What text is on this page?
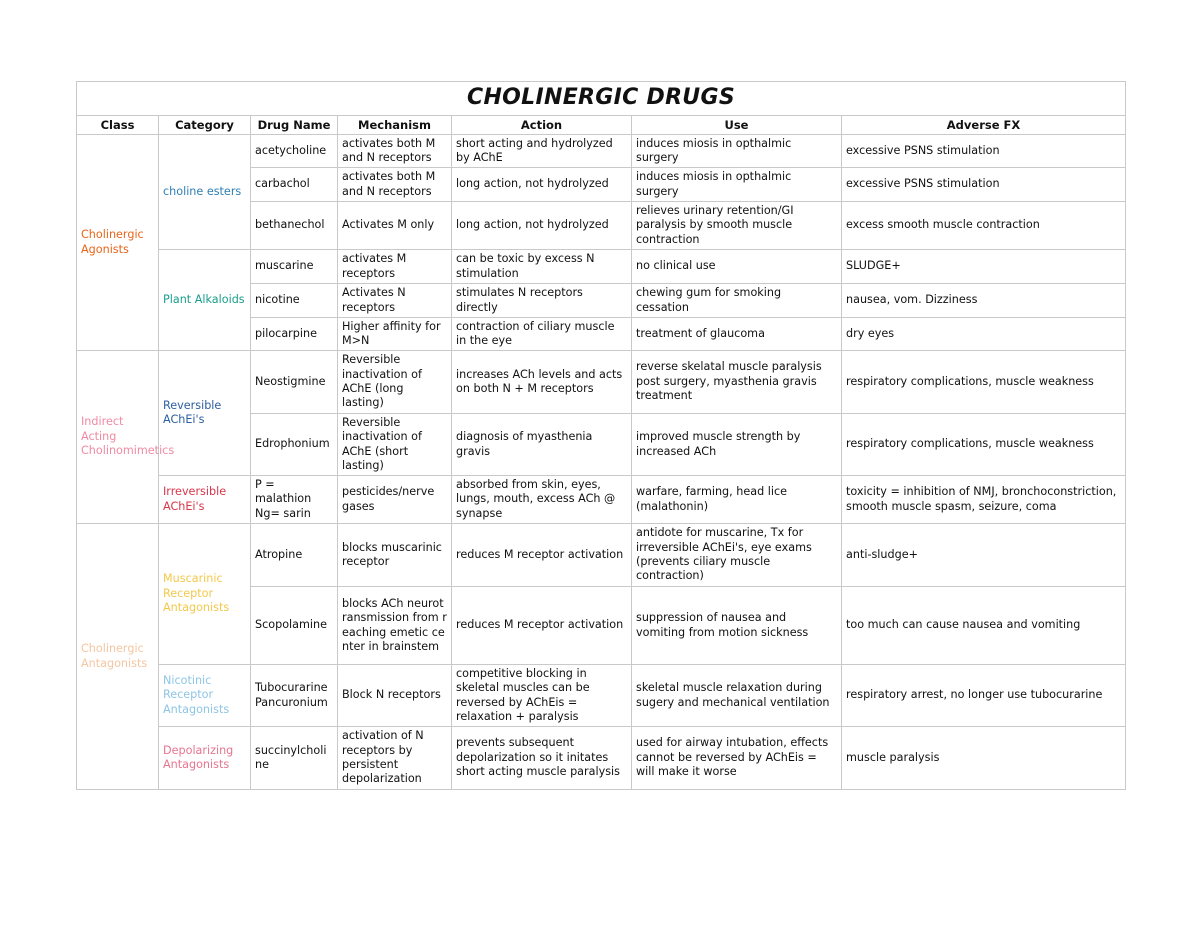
CHOLINERGIC DRUGS						
Class	Category	Drug Name	Mechanism	Action	Use	Adverse FX
Cholinergic Agonists	choline esters	acetycholine	activates both M and N receptors	short acting and hydrolyzed by AChE	induces miosis in opthalmic surgery	excessive PSNS stimulation
		carbachol	activates both M and N receptors	long action, not hydrolyzed	induces miosis in opthalmic surgery	excessive PSNS stimulation
		bethanechol	Activates M only	long action, not hydrolyzed	relieves urinary retention/GI paralysis by smooth muscle contraction	excess smooth muscle contraction
	Plant Alkaloids	muscarine	activates M receptors	can be toxic by excess N stimulation	no clinical use	SLUDGE+
		nicotine	Activates N receptors	stimulates N receptors directly	chewing gum for smoking cessation	nausea, vom. Dizziness
		pilocarpine	Higher affinity for M>N	contraction of ciliary muscle in the eye	treatment of glaucoma	dry eyes
Indirect Acting Cholinomimetics	Reversible AChEi's	Neostigmine	Reversible inactivation of AChE (long lasting)	increases ACh levels and acts on both N + M receptors	reverse skelatal muscle paralysis post surgery, myasthenia gravis treatment	respiratory complications, muscle weakness
		Edrophonium	Reversible inactivation of AChE (short lasting)	diagnosis of myasthenia gravis	improved muscle strength by increased ACh	respiratory complications, muscle weakness
	Irreversible AChEi's	P = malathion Ng= sarin	pesticides/nerve gases	absorbed from skin, eyes, lungs, mouth, excess ACh @ synapse	warfare, farming, head lice (malathonin)	toxicity = inhibition of NMJ, bronchoconstriction, smooth muscle spasm, seizure, coma
Cholinergic Antagonists	Muscarinic Receptor Antagonists	Atropine	blocks muscarinic receptor	reduces M receptor activation	antidote for muscarine, Tx for irreversible AChEi's, eye exams (prevents ciliary muscle contraction)	anti-sludge+
		Scopolamine	blocks ACh neurotransmission from reaching emetic center in brainstem	reduces M receptor activation	suppression of nausea and vomiting from motion sickness	too much can cause nausea and vomiting
	Nicotinic Receptor Antagonists	Tubocurarine Pancuronium	Block N receptors	competitive blocking in skeletal muscles can be reversed by AChEis = relaxation + paralysis	skeletal muscle relaxation during sugery and mechanical ventilation	respiratory arrest, no longer use tubocurarine
	Depolarizing Antagonists	succinylcholine	activation of N receptors by persistent depolarization	prevents subsequent depolarization so it initates short acting muscle paralysis	used for airway intubation, effects cannot be reversed by AChEis = will make it worse	muscle paralysis
